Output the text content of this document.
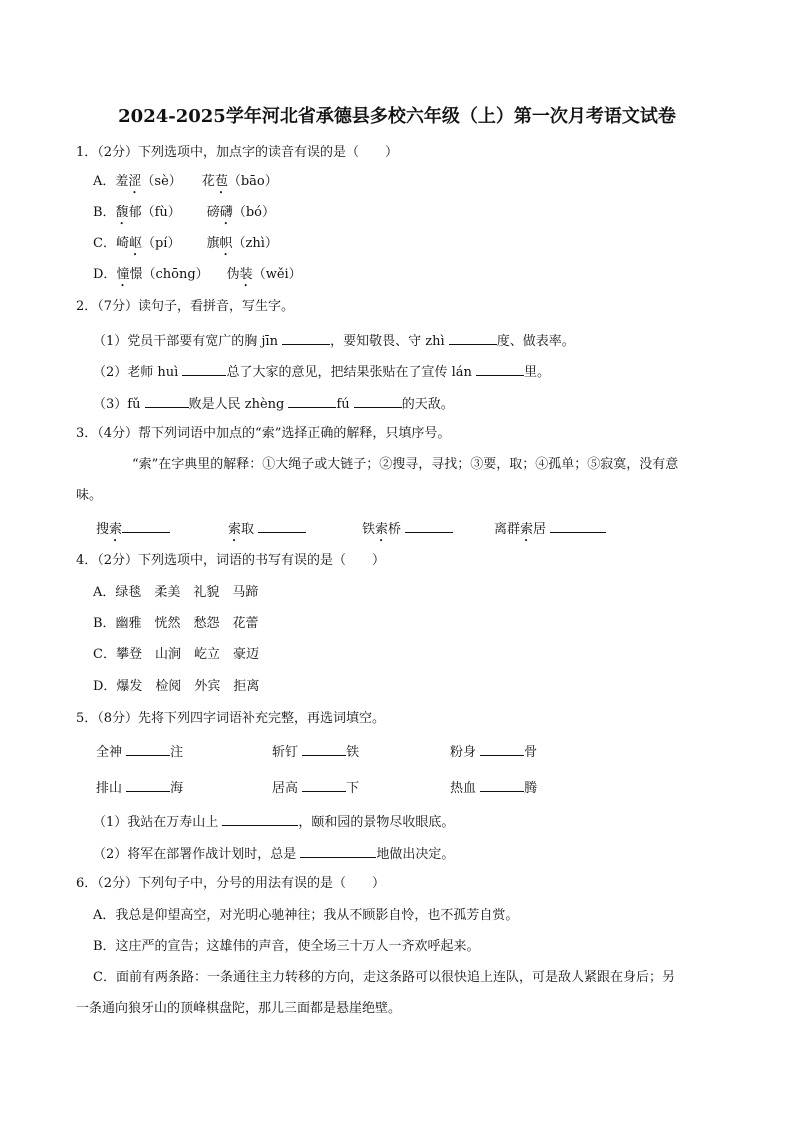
2024-2025学年河北省承德县多校六年级（上）第一次月考语文试卷
1．（2分）下列选项中，加点字的读音有误的是（　　）
A．羞涩（sè） 花苞（bāo）
B．馥郁（fù） 磅礴（bó）
C．崎岖（pí） 旗帜（zhì）
D．憧憬（chōng） 伪装（wěi）
2．（7分）读句子，看拼音，写生字。
（1）党员干部要有宽广的胸 jīn	，要知敬畏、守 zhì	度、做表率。
（2）老师 huì	总了大家的意见，把结果张贴在了宣传 lán	里。
（3）fǔ	败是人民 zhèng	fú	的天敌。
3．（4分）帮下列词语中加点的“索”选择正确的解释，只填序号。
“索”在字典里的解释：①大绳子或大链子；②搜寻，寻找；③要，取；④孤单；⑤寂寞，没有意
味。
搜索	索取	铁索桥	离群索居
4．（2分）下列选项中，词语的书写有误的是（　　）
A．绿毯　柔美　礼貌　马蹄
B．幽雅　恍然　愁怨　花蕾
C．攀登　山涧　屹立　豪迈
D．爆发　检阅　外宾　拒离
5．（8分）先将下列四字词语补充完整，再选词填空。
全神	注	斩钉	铁	粉身	骨
排山	海	居高	下	热血	腾
（1）我站在万寿山上	，颐和园的景物尽收眼底。
（2）将军在部署作战计划时，总是	地做出决定。
6．（2分）下列句子中，分号的用法有误的是（　　）
A．我总是仰望高空，对光明心驰神往；我从不顾影自怜，也不孤芳自赏。
B．这庄严的宣告；这雄伟的声音，使全场三十万人一齐欢呼起来。
C．面前有两条路：一条通往主力转移的方向，走这条路可以很快追上连队，可是敌人紧跟在身后；另
一条通向狼牙山的顶峰棋盘陀，那儿三面都是悬崖绝壁。
